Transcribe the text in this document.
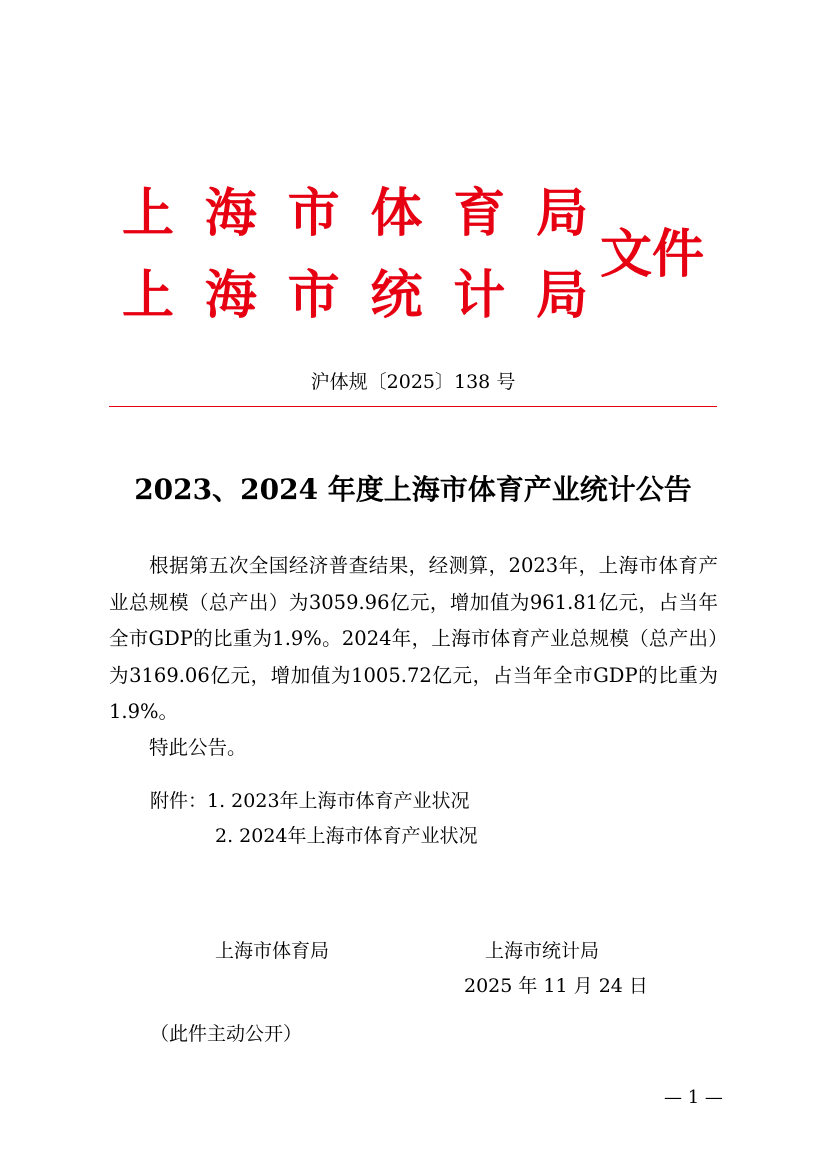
上 海 市 体 育 局
上 海 市 统 计 局
文件
沪体规〔2025〕138 号
2023、2024 年度上海市体育产业统计公告
根据第五次全国经济普查结果，经测算，2023年，上海市体育产业总规模（总产出）为3059.96亿元，增加值为961.81亿元，占当年全市GDP的比重为1.9%。2024年，上海市体育产业总规模（总产出）为3169.06亿元，增加值为1005.72亿元，占当年全市GDP的比重为1.9%。
特此公告。
附件：1. 2023年上海市体育产业状况
2. 2024年上海市体育产业状况
上海市体育局	上海市统计局
2025 年 11 月 24 日
（此件主动公开）
— 1 —
